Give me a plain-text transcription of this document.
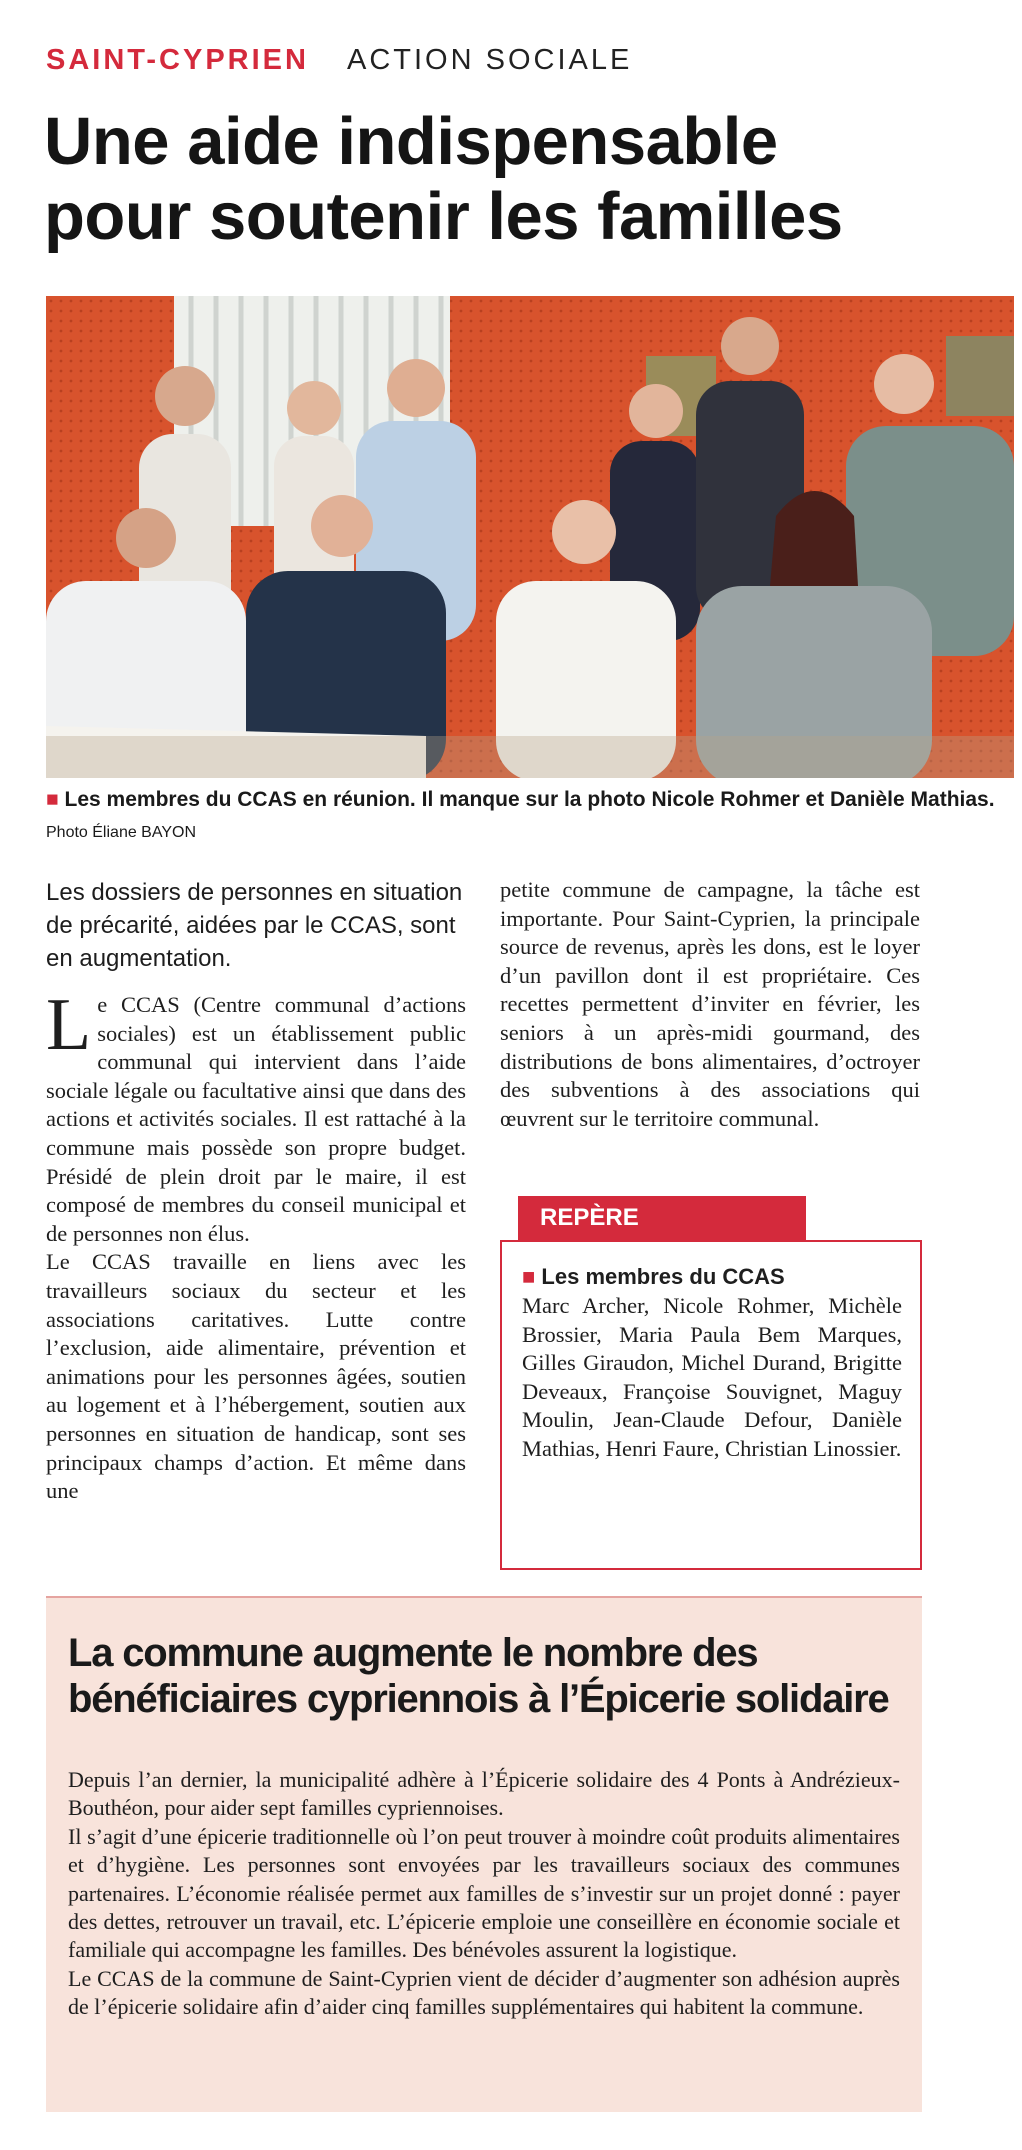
SAINT-CYPRIEN ACTION SOCIALE
Une aide indispensable
pour soutenir les familles
■ Les membres du CCAS en réunion. Il manque sur la photo Nicole Rohmer et Danièle Mathias. Photo Éliane BAYON

Les dossiers de personnes en situation de précarité, aidées par le CCAS, sont en augmentation.

Le CCAS (Centre communal d’actions sociales) est un établissement public communal qui intervient dans l’aide sociale légale ou facultative ainsi que dans des actions et activités sociales. Il est rattaché à la commune mais possède son propre budget. Présidé de plein droit par le maire, il est composé de membres du conseil municipal et de personnes non élus.

Le CCAS travaille en liens avec les travailleurs sociaux du secteur et les associations caritatives. Lutte contre l’exclusion, aide alimentaire, prévention et animations pour les personnes âgées, soutien au logement et à l’hébergement, soutien aux personnes en situation de handicap, sont ses principaux champs d’action. Et même dans une

petite commune de campagne, la tâche est importante. Pour Saint-Cyprien, la principale source de revenus, après les dons, est le loyer d’un pavillon dont il est propriétaire. Ces recettes permettent d’inviter en février, les seniors à un après-midi gourmand, des distributions de bons alimentaires, d’octroyer des subventions à des associations qui œuvrent sur le territoire communal.

REPÈRE

■ Les membres du CCAS

Marc Archer, Nicole Rohmer, Michèle Brossier, Maria Paula Bem Marques, Gilles Giraudon, Michel Durand, Brigitte Deveaux, Françoise Souvignet, Maguy Moulin, Jean-Claude Defour, Danièle Mathias, Henri Faure, Christian Linossier.

La commune augmente le nombre des
bénéficiaires cypriennois à l’Épicerie solidaire

Depuis l’an dernier, la municipalité adhère à l’Épicerie solidaire des 4 Ponts à Andrézieux-Bouthéon, pour aider sept familles cypriennoises.
Il s’agit d’une épicerie traditionnelle où l’on peut trouver à moindre coût produits alimentaires et d’hygiène. Les personnes sont envoyées par les travailleurs sociaux des communes partenaires. L’économie réalisée permet aux familles de s’investir sur un projet donné : payer des dettes, retrouver un travail, etc. L’épicerie emploie une conseillère en économie sociale et familiale qui accompagne les familles. Des bénévoles assurent la logistique.
Le CCAS de la commune de Saint-Cyprien vient de décider d’augmenter son adhésion auprès de l’épicerie solidaire afin d’aider cinq familles supplémentaires qui habitent la commune.
